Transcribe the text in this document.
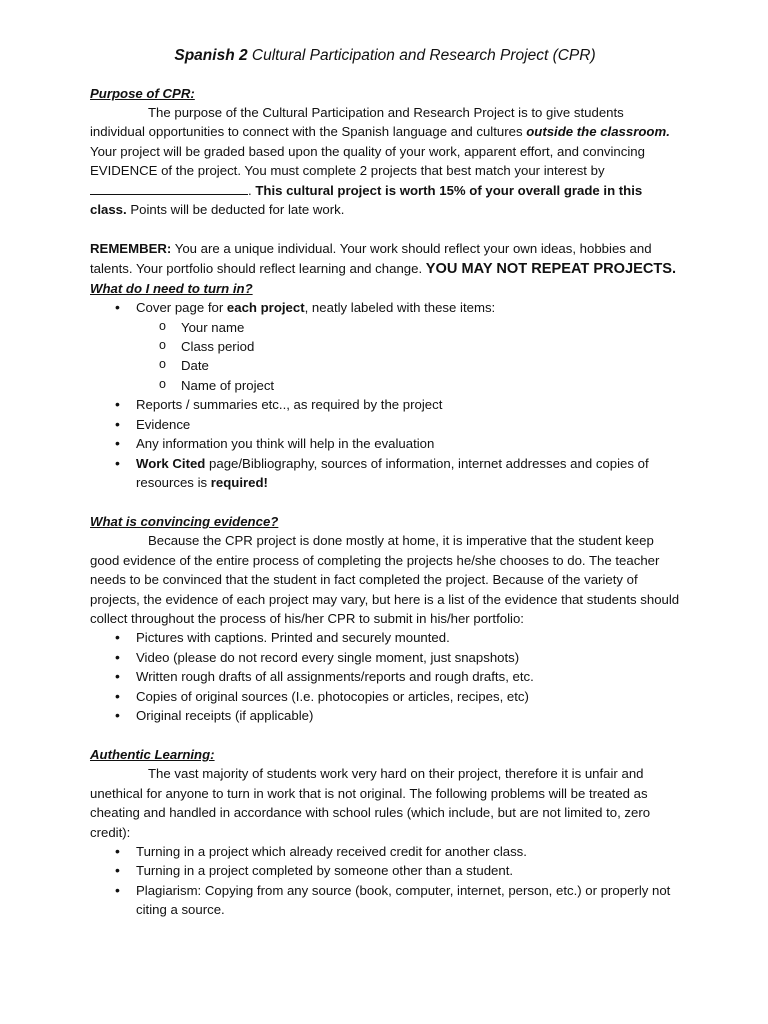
Spanish 2 Cultural Participation and Research Project (CPR)
Purpose of CPR:

The purpose of the Cultural Participation and Research Project is to give students individual opportunities to connect with the Spanish language and cultures outside the classroom. Your project will be graded based upon the quality of your work, apparent effort, and convincing EVIDENCE of the project. You must complete 2 projects that best match your interest by . This cultural project is worth 15% of your overall grade in this class. Points will be deducted for late work.

REMEMBER: You are a unique individual. Your work should reflect your own ideas, hobbies and talents. Your portfolio should reflect learning and change. YOU MAY NOT REPEAT PROJECTS.

What do I need to turn in?
• Cover page for each project, neatly labeled with these items:
o Your name
o Class period
o Date
o Name of project
• Reports / summaries etc.., as required by the project
• Evidence
• Any information you think will help in the evaluation
• Work Cited page/Bibliography, sources of information, internet addresses and copies of resources is required!
What is convincing evidence?

Because the CPR project is done mostly at home, it is imperative that the student keep good evidence of the entire process of completing the projects he/she chooses to do. The teacher needs to be convinced that the student in fact completed the project. Because of the variety of projects, the evidence of each project may vary, but here is a list of the evidence that students should collect throughout the process of his/her CPR to submit in his/her portfolio:

• Pictures with captions. Printed and securely mounted.
• Video (please do not record every single moment, just snapshots)
• Written rough drafts of all assignments/reports and rough drafts, etc.
• Copies of original sources (I.e. photocopies or articles, recipes, etc)
• Original receipts (if applicable)
Authentic Learning:

The vast majority of students work very hard on their project, therefore it is unfair and unethical for anyone to turn in work that is not original. The following problems will be treated as cheating and handled in accordance with school rules (which include, but are not limited to, zero credit):

• Turning in a project which already received credit for another class.
• Turning in a project completed by someone other than a student.
• Plagiarism: Copying from any source (book, computer, internet, person, etc.) or properly not citing a source.
